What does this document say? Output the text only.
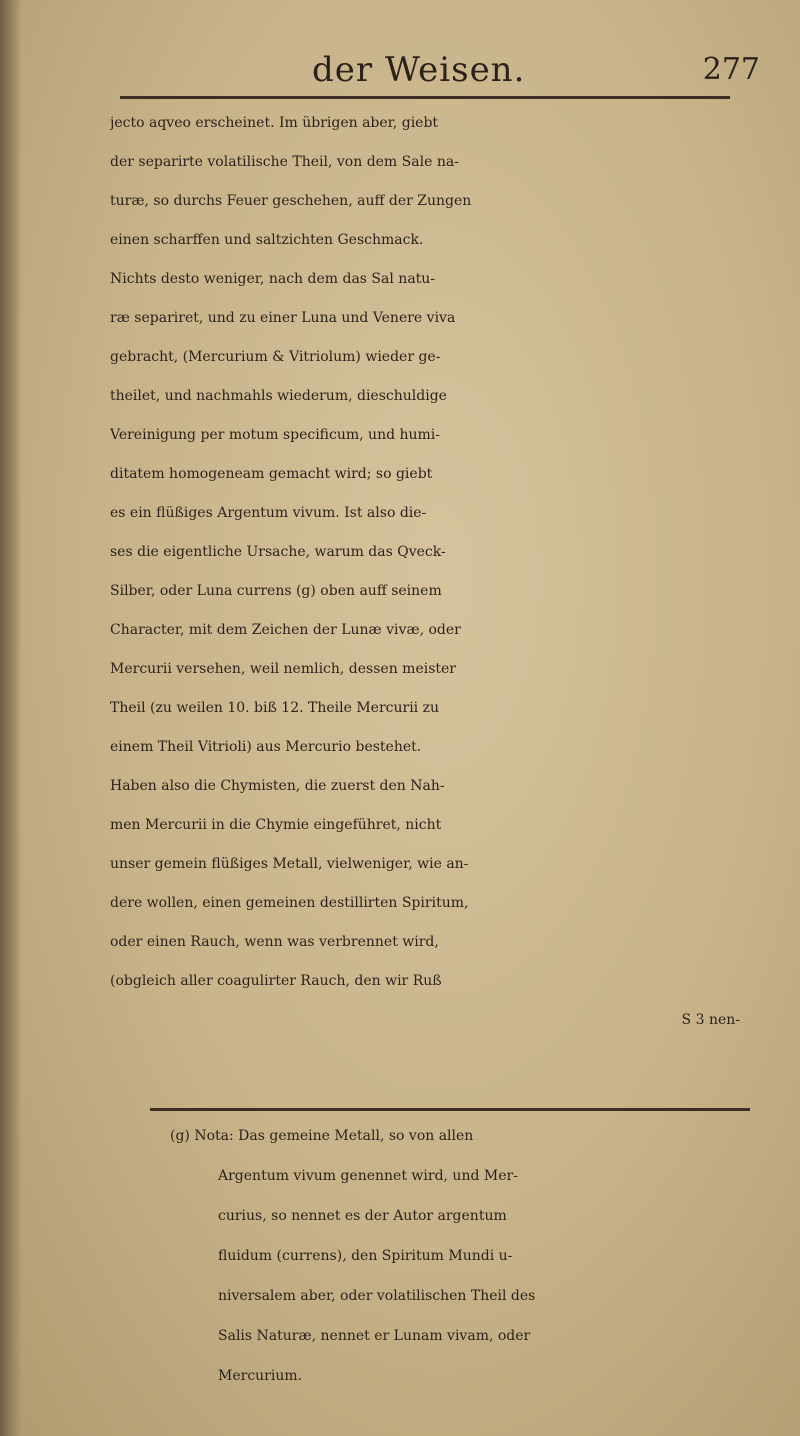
der Weisen.	277
jecto aqveo erscheinet. Im übrigen aber, giebt
der separirte volatilische Theil, von dem Sale na-
turæ, so durchs Feuer geschehen, auff der Zungen
einen scharffen und saltzichten Geschmack.
Nichts desto weniger, nach dem das Sal natu-
ræ separiret, und zu einer Luna und Venere viva
gebracht, (Mercurium & Vitriolum) wieder ge-
theilet, und nachmahls wiederum, dieschuldige
Vereinigung per motum specificum, und humi-
ditatem homogeneam gemacht wird; so giebt
es ein flüßiges Argentum vivum. Ist also die-
ses die eigentliche Ursache, warum das Qveck-
Silber, oder Luna currens (g) oben auff seinem
Character, mit dem Zeichen der Lunæ vivæ, oder
Mercurii versehen, weil nemlich, dessen meister
Theil (zu weilen 10. biß 12. Theile Mercurii zu
einem Theil Vitrioli) aus Mercurio bestehet.
Haben also die Chymisten, die zuerst den Nah-
men Mercurii in die Chymie eingeführet, nicht
unser gemein flüßiges Metall, vielweniger, wie an-
dere wollen, einen gemeinen destillirten Spiritum,
oder einen Rauch, wenn was verbrennet wird,
(obgleich aller coagulirter Rauch, den wir Ruß
S 3 nen-
(g) Nota: Das gemeine Metall, so von allen
Argentum vivum genennet wird, und Mer-
curius, so nennet es der Autor argentum
fluidum (currens), den Spiritum Mundi u-
niversalem aber, oder volatilischen Theil des
Salis Naturæ, nennet er Lunam vivam, oder
Mercurium.
